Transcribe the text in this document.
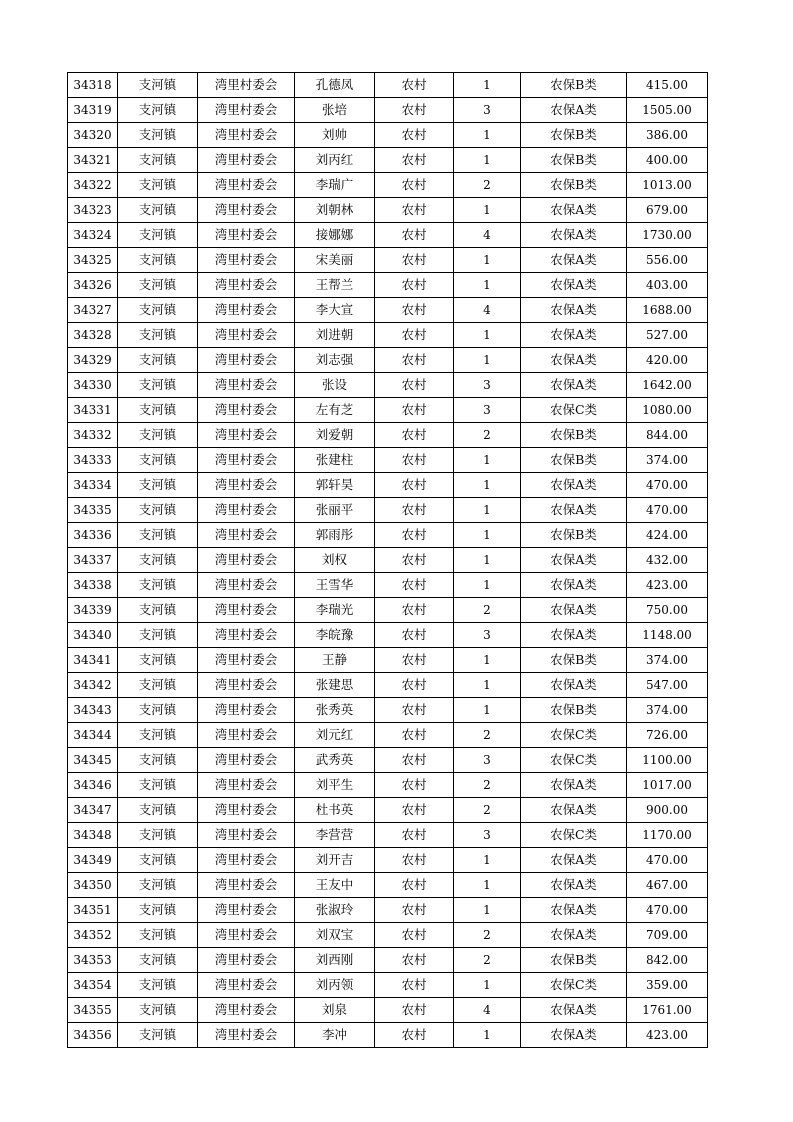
34318	支河镇	湾里村委会	孔德凤	农村	1	农保B类	415.00
34319	支河镇	湾里村委会	张培	农村	3	农保A类	1505.00
34320	支河镇	湾里村委会	刘帅	农村	1	农保B类	386.00
34321	支河镇	湾里村委会	刘丙红	农村	1	农保B类	400.00
34322	支河镇	湾里村委会	李瑞广	农村	2	农保B类	1013.00
34323	支河镇	湾里村委会	刘朝林	农村	1	农保A类	679.00
34324	支河镇	湾里村委会	接娜娜	农村	4	农保A类	1730.00
34325	支河镇	湾里村委会	宋美丽	农村	1	农保A类	556.00
34326	支河镇	湾里村委会	王帮兰	农村	1	农保A类	403.00
34327	支河镇	湾里村委会	李大宣	农村	4	农保A类	1688.00
34328	支河镇	湾里村委会	刘进朝	农村	1	农保A类	527.00
34329	支河镇	湾里村委会	刘志强	农村	1	农保A类	420.00
34330	支河镇	湾里村委会	张设	农村	3	农保A类	1642.00
34331	支河镇	湾里村委会	左有芝	农村	3	农保C类	1080.00
34332	支河镇	湾里村委会	刘爱朝	农村	2	农保B类	844.00
34333	支河镇	湾里村委会	张建柱	农村	1	农保B类	374.00
34334	支河镇	湾里村委会	郭轩昊	农村	1	农保A类	470.00
34335	支河镇	湾里村委会	张丽平	农村	1	农保A类	470.00
34336	支河镇	湾里村委会	郭雨彤	农村	1	农保B类	424.00
34337	支河镇	湾里村委会	刘权	农村	1	农保A类	432.00
34338	支河镇	湾里村委会	王雪华	农村	1	农保A类	423.00
34339	支河镇	湾里村委会	李瑞光	农村	2	农保A类	750.00
34340	支河镇	湾里村委会	李皖豫	农村	3	农保A类	1148.00
34341	支河镇	湾里村委会	王静	农村	1	农保B类	374.00
34342	支河镇	湾里村委会	张建思	农村	1	农保A类	547.00
34343	支河镇	湾里村委会	张秀英	农村	1	农保B类	374.00
34344	支河镇	湾里村委会	刘元红	农村	2	农保C类	726.00
34345	支河镇	湾里村委会	武秀英	农村	3	农保C类	1100.00
34346	支河镇	湾里村委会	刘平生	农村	2	农保A类	1017.00
34347	支河镇	湾里村委会	杜书英	农村	2	农保A类	900.00
34348	支河镇	湾里村委会	李营营	农村	3	农保C类	1170.00
34349	支河镇	湾里村委会	刘开吉	农村	1	农保A类	470.00
34350	支河镇	湾里村委会	王友中	农村	1	农保A类	467.00
34351	支河镇	湾里村委会	张淑玲	农村	1	农保A类	470.00
34352	支河镇	湾里村委会	刘双宝	农村	2	农保A类	709.00
34353	支河镇	湾里村委会	刘西刚	农村	2	农保B类	842.00
34354	支河镇	湾里村委会	刘丙领	农村	1	农保C类	359.00
34355	支河镇	湾里村委会	刘泉	农村	4	农保A类	1761.00
34356	支河镇	湾里村委会	李冲	农村	1	农保A类	423.00
